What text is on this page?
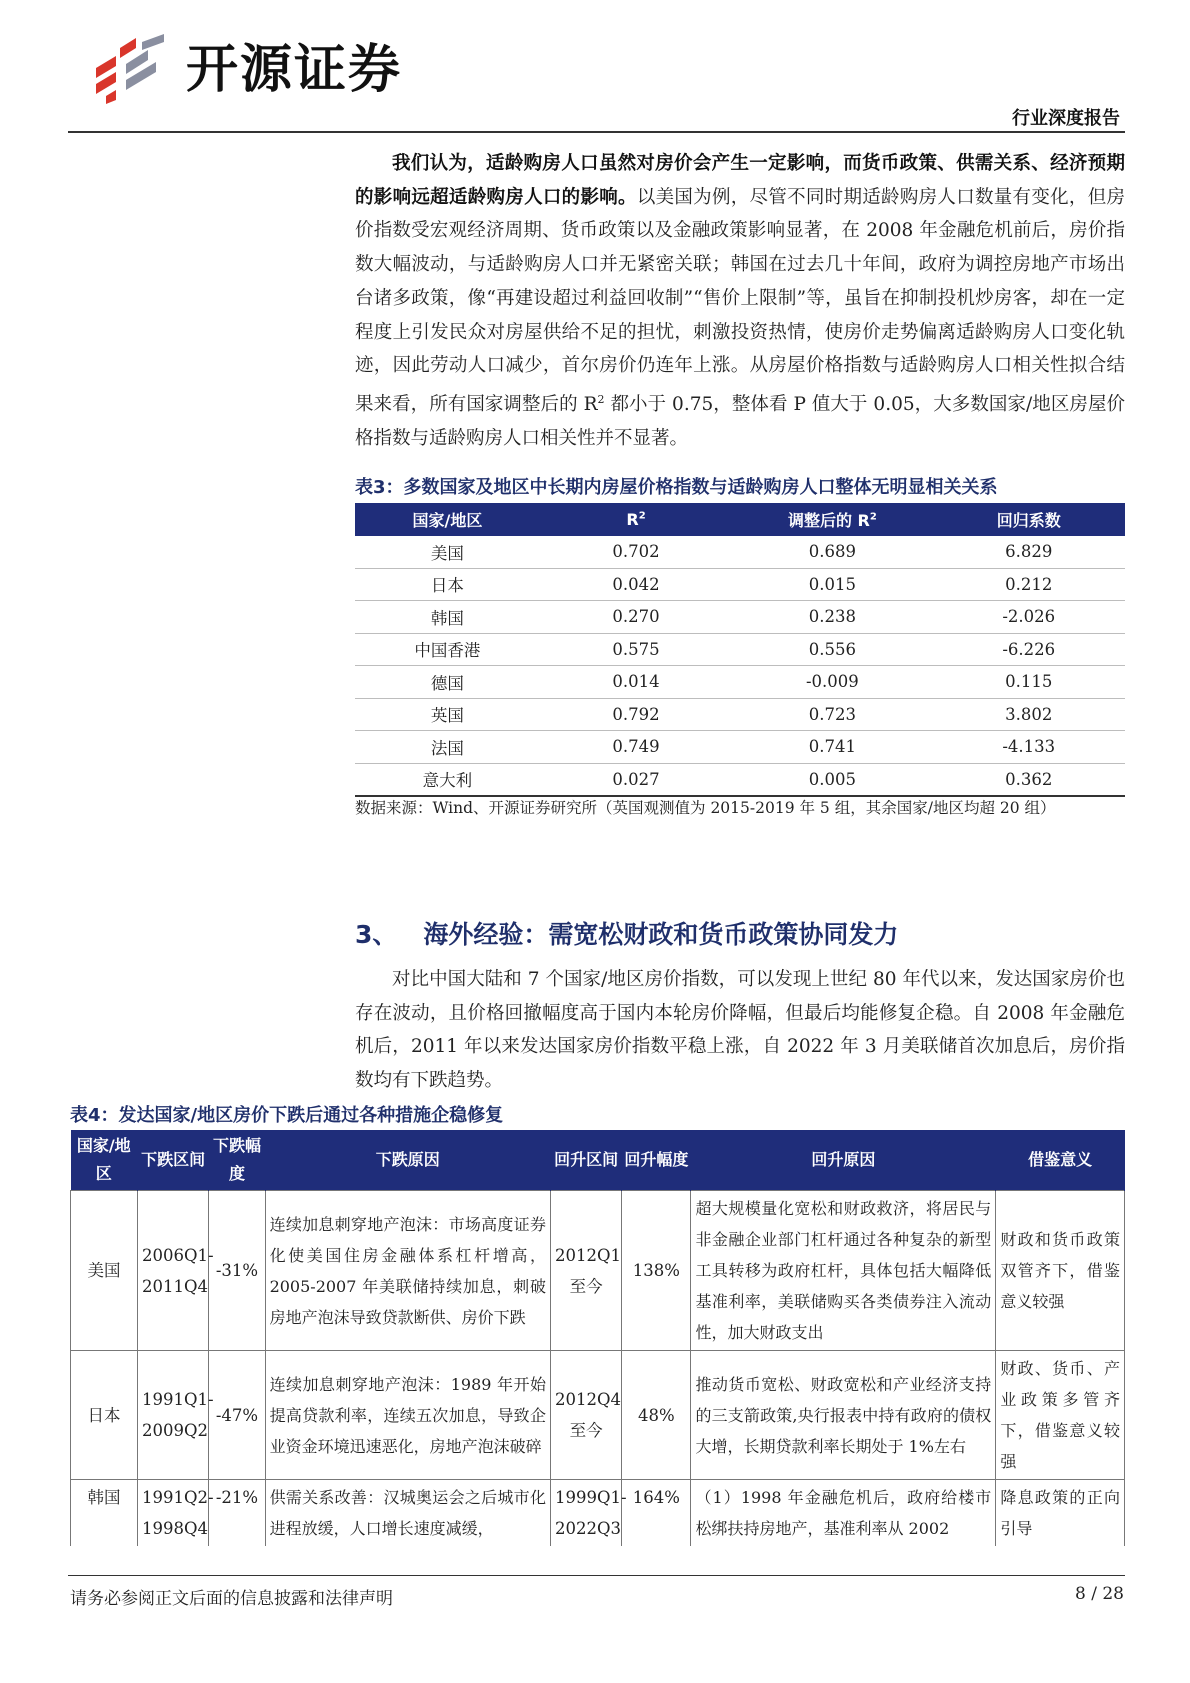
开源证券
行业深度报告

我们认为，适龄购房人口虽然对房价会产生一定影响，而货币政策、供需关系、经济预期的影响远超适龄购房人口的影响。以美国为例，尽管不同时期适龄购房人口数量有变化，但房价指数受宏观经济周期、货币政策以及金融政策影响显著，在 2008 年金融危机前后，房价指数大幅波动，与适龄购房人口并无紧密关联；韩国在过去几十年间，政府为调控房地产市场出台诸多政策，像“再建设超过利益回收制”“售价上限制”等，虽旨在抑制投机炒房客，却在一定程度上引发民众对房屋供给不足的担忧，刺激投资热情，使房价走势偏离适龄购房人口变化轨迹，因此劳动人口减少，首尔房价仍连年上涨。从房屋价格指数与适龄购房人口相关性拟合结果来看，所有国家调整后的 $R^2$ 都小于 0.75，整体看 P 值大于 0.05，大多数国家/地区房屋价格指数与适龄购房人口相关性并不显著。

表3：多数国家及地区中长期内房屋价格指数与适龄购房人口整体无明显相关关系
国家/地区	$R^2$	调整后的 $R^2$	回归系数
美国	0.702	0.689	6.829
日本	0.042	0.015	0.212
韩国	0.270	0.238	-2.026
中国香港	0.575	0.556	-6.226
德国	0.014	-0.009	0.115
英国	0.792	0.723	3.802
法国	0.749	0.741	-4.133
意大利	0.027	0.005	0.362
数据来源：Wind、开源证券研究所（英国观测值为 2015-2019 年 5 组，其余国家/地区均超 20 组）
3、 海外经验：需宽松财政和货币政策协同发力

对比中国大陆和 7 个国家/地区房价指数，可以发现上世纪 80 年代以来，发达国家房价也存在波动，且价格回撤幅度高于国内本轮房价降幅，但最后均能修复企稳。自 2008 年金融危机后，2011 年以来发达国家房价指数平稳上涨，自 2022 年 3 月美联储首次加息后，房价指数均有下跌趋势。

表4：发达国家/地区房价下跌后通过各种措施企稳修复
国家/地区	下跌区间	下跌幅度	下跌原因	回升区间	回升幅度	回升原因	借鉴意义
美国	2006Q1-2011Q4	-31%	连续加息刺穿地产泡沫：市场高度证券化使美国住房金融体系杠杆增高，2005-2007 年美联储持续加息，刺破房地产泡沫导致贷款断供、房价下跌	2012Q1至今	138%	超大规模量化宽松和财政救济，将居民与非金融企业部门杠杆通过各种复杂的新型工具转移为政府杠杆，具体包括大幅降低基准利率，美联储购买各类债券注入流动性，加大财政支出	财政和货币政策双管齐下，借鉴意义较强
日本	1991Q1-2009Q2	-47%	连续加息刺穿地产泡沫：1989 年开始提高贷款利率，连续五次加息，导致企业资金环境迅速恶化，房地产泡沫破碎	2012Q4至今	48%	推动货币宽松、财政宽松和产业经济支持的三支箭政策,央行报表中持有政府的债权大增，长期贷款利率长期处于 1%左右	财政、货币、产业政策多管齐下，借鉴意义较强
韩国	1991Q2-1998Q4	-21%	供需关系改善：汉城奥运会之后城市化进程放缓，人口增长速度减缓，	1999Q1-2022Q3	164%	（1）1998 年金融危机后，政府给楼市松绑扶持房地产，基准利率从 2002	降息政策的正向引导
请务必参阅正文后面的信息披露和法律声明	8 / 28
